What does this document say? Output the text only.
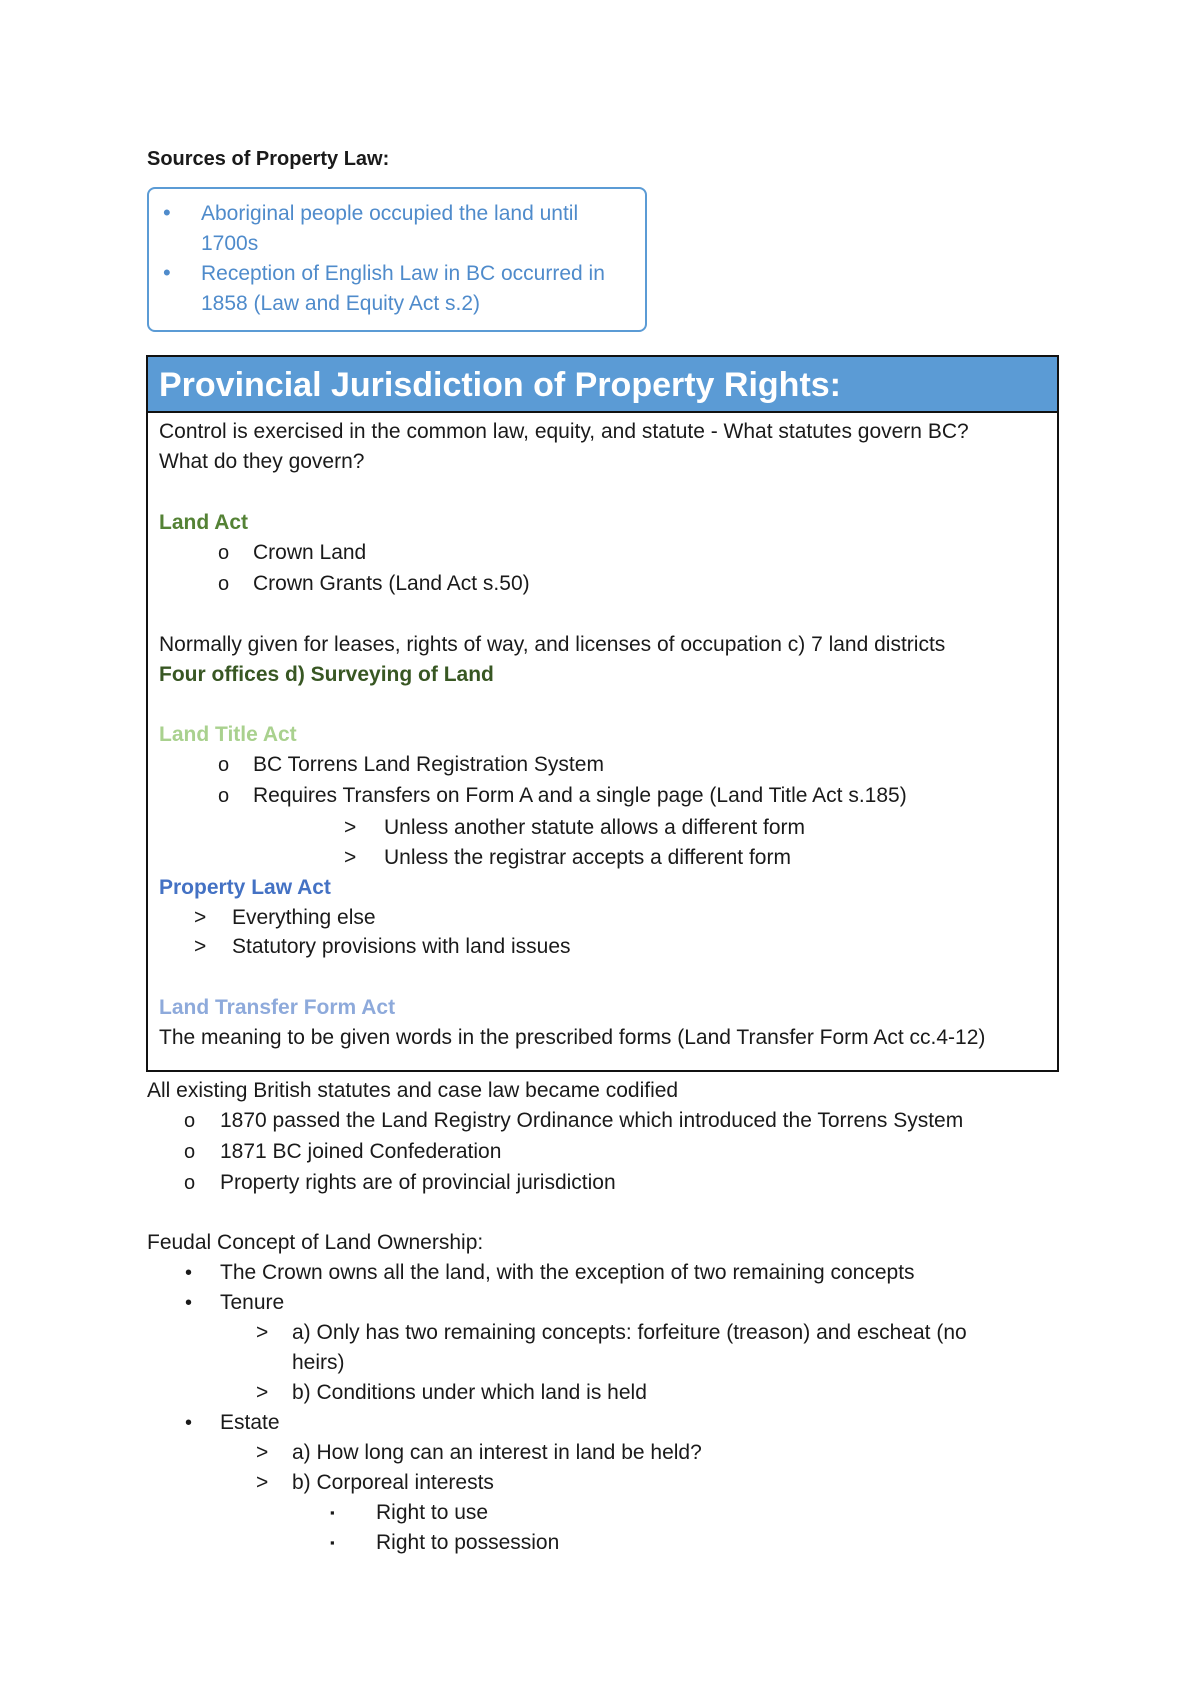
Sources of Property Law:
•	Aboriginal people occupied the land until
1700s
•	Reception of English Law in BC occurred in
1858 (Law and Equity Act s.2)
Provincial Jurisdiction of Property Rights:
Control is exercised in the common law, equity, and statute - What statutes govern BC?
What do they govern?
Land Act
o Crown Land
o Crown Grants (Land Act s.50)
Normally given for leases, rights of way, and licenses of occupation c) 7 land districts
Four offices d) Surveying of Land
Land Title Act
o BC Torrens Land Registration System
o Requires Transfers on Form A and a single page (Land Title Act s.185)
> Unless another statute allows a different form
> Unless the registrar accepts a different form
Property Law Act
> Everything else
> Statutory provisions with land issues
Land Transfer Form Act
The meaning to be given words in the prescribed forms (Land Transfer Form Act cc.4-12)
All existing British statutes and case law became codified
o 1870 passed the Land Registry Ordinance which introduced the Torrens System
o 1871 BC joined Confederation
o Property rights are of provincial jurisdiction
Feudal Concept of Land Ownership:
• The Crown owns all the land, with the exception of two remaining concepts
• Tenure
> a) Only has two remaining concepts: forfeiture (treason) and escheat (no
heirs)
> b) Conditions under which land is held
• Estate
> a) How long can an interest in land be held?
> b) Corporeal interests
▪ Right to use
▪ Right to possession
